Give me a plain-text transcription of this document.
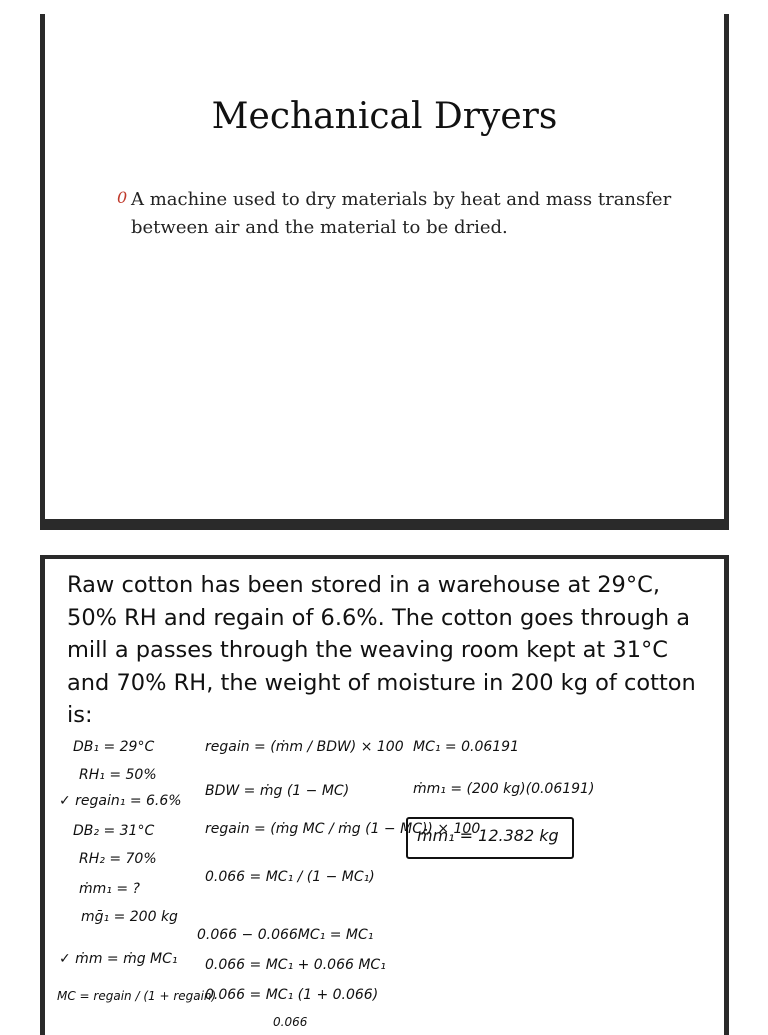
Mechanical Dryers
0 A machine used to dry materials by heat and mass transfer between air and the material to be dried.
Raw cotton has been stored in a warehouse at 29°C, 50% RH and regain of 6.6%. The cotton goes through a mill a passes through the weaving room kept at 31°C and 70% RH, the weight of moisture in 200 kg of cotton is:
DB₁ = 29°C
RH₁ = 50%
✓ regain₁ = 6.6%
DB₂ = 31°C
RH₂ = 70%
ṁm₁ = ?
mḡ₁ = 200 kg
✓ ṁm = ṁg MC₁
MC = regain / (1 + regain)
regain = (ṁm / BDW) × 100
BDW = ṁg (1 − MC)
regain = (ṁg MC / ṁg (1 − MC)) × 100
0.066 = MC₁ / (1 − MC₁)
0.066 − 0.066MC₁ = MC₁
0.066 = MC₁ + 0.066 MC₁
0.066 = MC₁ (1 + 0.066)
0.066
MC₁ = 0.06191
ṁm₁ = (200 kg)(0.06191)
ṁm₁ = 12.382 kg
